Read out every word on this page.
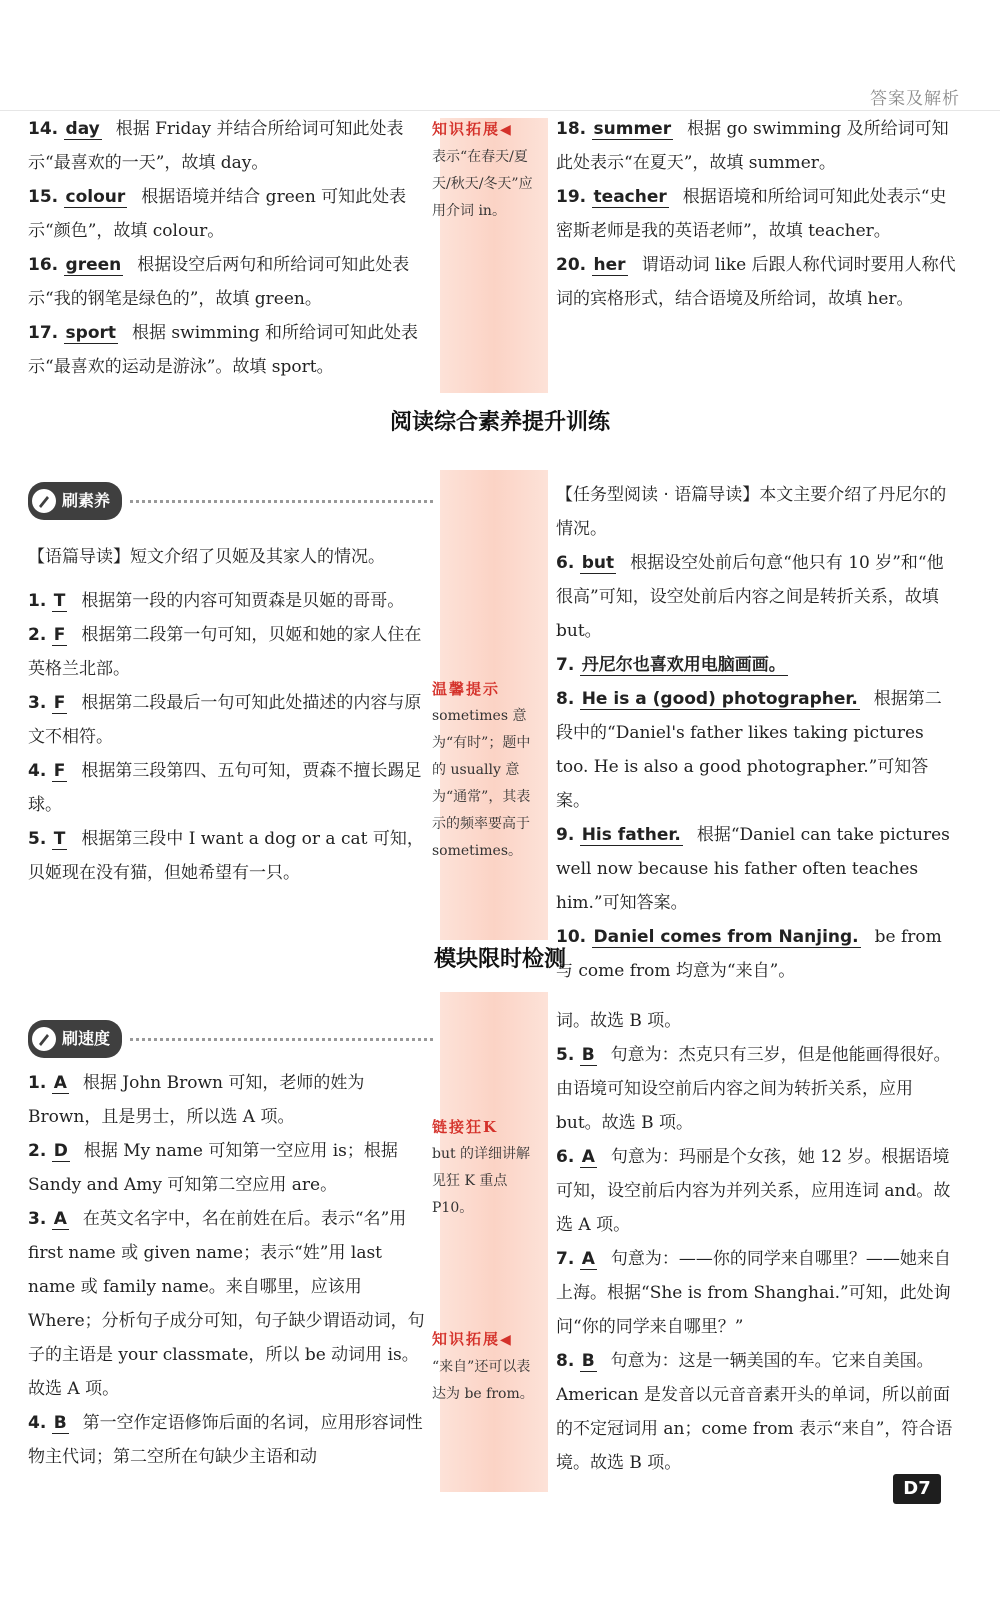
答案及解析
14. day 根据 Friday 并结合所给词可知此处表示“最喜欢的一天”，故填 day。
15. colour 根据语境并结合 green 可知此处表示“颜色”，故填 colour。
16. green 根据设空后两句和所给词可知此处表示“我的钢笔是绿色的”，故填 green。
17. sport 根据 swimming 和所给词可知此处表示“最喜欢的运动是游泳”。故填 sport。
知识拓展◀
表示“在春天/夏天/秋天/冬天”应用介词 in。
18. summer 根据 go swimming 及所给词可知此处表示“在夏天”，故填 summer。
19. teacher 根据语境和所给词可知此处表示“史密斯老师是我的英语老师”，故填 teacher。
20. her 谓语动词 like 后跟人称代词时要用人称代词的宾格形式，结合语境及所给词，故填 her。
阅读综合素养提升训练
刷素养
【语篇导读】短文介绍了贝姬及其家人的情况。
1. T 根据第一段的内容可知贾森是贝姬的哥哥。
2. F 根据第二段第一句可知，贝姬和她的家人住在英格兰北部。
3. F 根据第二段最后一句可知此处描述的内容与原文不相符。
4. F 根据第三段第四、五句可知，贾森不擅长踢足球。
5. T 根据第三段中 I want a dog or a cat 可知，贝姬现在没有猫，但她希望有一只。
温馨提示
sometimes 意为“有时”；题中的 usually 意为“通常”，其表示的频率要高于 sometimes。
【任务型阅读 · 语篇导读】本文主要介绍了丹尼尔的情况。
6. but 根据设空处前后句意“他只有 10 岁”和“他很高”可知，设空处前后内容之间是转折关系，故填 but。
7. 丹尼尔也喜欢用电脑画画。
8. He is a (good) photographer. 根据第二段中的“Daniel's father likes taking pictures too. He is also a good photographer.”可知答案。
9. His father. 根据“Daniel can take pictures well now because his father often teaches him.”可知答案。
10. Daniel comes from Nanjing. be from 与 come from 均意为“来自”。
模块限时检测
刷速度
1. A 根据 John Brown 可知，老师的姓为 Brown，且是男士，所以选 A 项。
2. D 根据 My name 可知第一空应用 is；根据 Sandy and Amy 可知第二空应用 are。
3. A 在英文名字中，名在前姓在后。表示“名”用 first name 或 given name；表示“姓”用 last name 或 family name。来自哪里，应该用 Where；分析句子成分可知，句子缺少谓语动词，句子的主语是 your classmate，所以 be 动词用 is。故选 A 项。
4. B 第一空作定语修饰后面的名词，应用形容词性物主代词；第二空所在句缺少主语和动
链接狂K
but 的详细讲解见狂 K 重点 P10。
知识拓展◀
“来自”还可以表达为 be from。
词。故选 B 项。
5. B 句意为：杰克只有三岁，但是他能画得很好。由语境可知设空前后内容之间为转折关系，应用but。故选 B 项。
6. A 句意为：玛丽是个女孩，她 12 岁。根据语境可知，设空前后内容为并列关系，应用连词 and。故选 A 项。
7. A 句意为：——你的同学来自哪里？——她来自上海。根据“She is from Shanghai.”可知，此处询问“你的同学来自哪里？”
8. B 句意为：这是一辆美国的车。它来自美国。American 是发音以元音音素开头的单词，所以前面的不定冠词用 an；come from 表示“来自”，符合语境。故选 B 项。
D7
